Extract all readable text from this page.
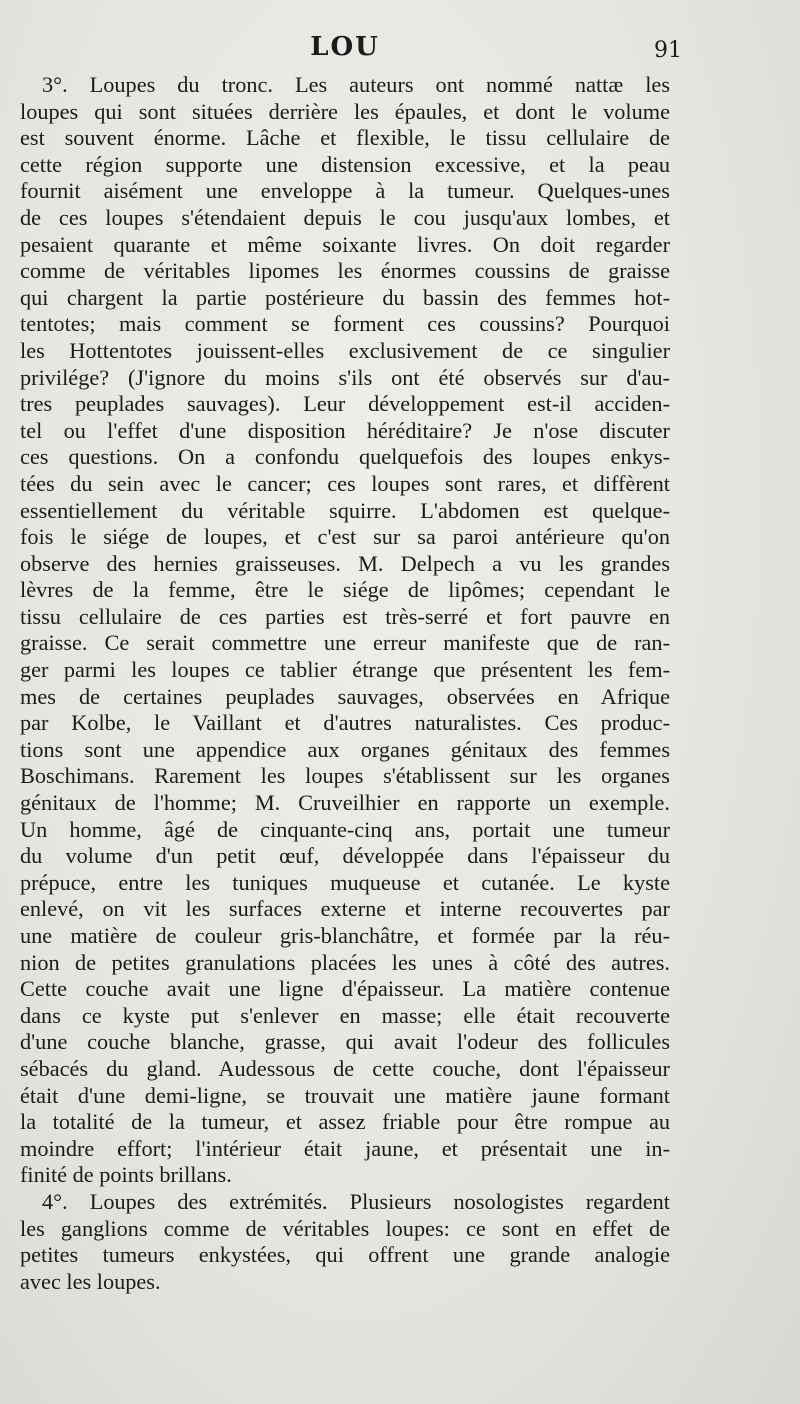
LOU	91
3°. Loupes du tronc. Les auteurs ont nommé nattæ les
loupes qui sont situées derrière les épaules, et dont le volume
est souvent énorme. Lâche et flexible, le tissu cellulaire de
cette région supporte une distension excessive, et la peau
fournit aisément une enveloppe à la tumeur. Quelques-unes
de ces loupes s'étendaient depuis le cou jusqu'aux lombes, et
pesaient quarante et même soixante livres. On doit regarder
comme de véritables lipomes les énormes coussins de graisse
qui chargent la partie postérieure du bassin des femmes hot-
tentotes; mais comment se forment ces coussins? Pourquoi
les Hottentotes jouissent-elles exclusivement de ce singulier
privilége? (J'ignore du moins s'ils ont été observés sur d'au-
tres peuplades sauvages). Leur développement est-il acciden-
tel ou l'effet d'une disposition héréditaire? Je n'ose discuter
ces questions. On a confondu quelquefois des loupes enkys-
tées du sein avec le cancer; ces loupes sont rares, et diffèrent
essentiellement du véritable squirre. L'abdomen est quelque-
fois le siége de loupes, et c'est sur sa paroi antérieure qu'on
observe des hernies graisseuses. M. Delpech a vu les grandes
lèvres de la femme, être le siége de lipômes; cependant le
tissu cellulaire de ces parties est très-serré et fort pauvre en
graisse. Ce serait commettre une erreur manifeste que de ran-
ger parmi les loupes ce tablier étrange que présentent les fem-
mes de certaines peuplades sauvages, observées en Afrique
par Kolbe, le Vaillant et d'autres naturalistes. Ces produc-
tions sont une appendice aux organes génitaux des femmes
Boschimans. Rarement les loupes s'établissent sur les organes
génitaux de l'homme; M. Cruveilhier en rapporte un exemple.
Un homme, âgé de cinquante-cinq ans, portait une tumeur
du volume d'un petit œuf, développée dans l'épaisseur du
prépuce, entre les tuniques muqueuse et cutanée. Le kyste
enlevé, on vit les surfaces externe et interne recouvertes par
une matière de couleur gris-blanchâtre, et formée par la réu-
nion de petites granulations placées les unes à côté des autres.
Cette couche avait une ligne d'épaisseur. La matière contenue
dans ce kyste put s'enlever en masse; elle était recouverte
d'une couche blanche, grasse, qui avait l'odeur des follicules
sébacés du gland. Audessous de cette couche, dont l'épaisseur
était d'une demi-ligne, se trouvait une matière jaune formant
la totalité de la tumeur, et assez friable pour être rompue au
moindre effort; l'intérieur était jaune, et présentait une in-
finité de points brillans.
4°. Loupes des extrémités. Plusieurs nosologistes regardent
les ganglions comme de véritables loupes: ce sont en effet de
petites tumeurs enkystées, qui offrent une grande analogie
avec les loupes.
